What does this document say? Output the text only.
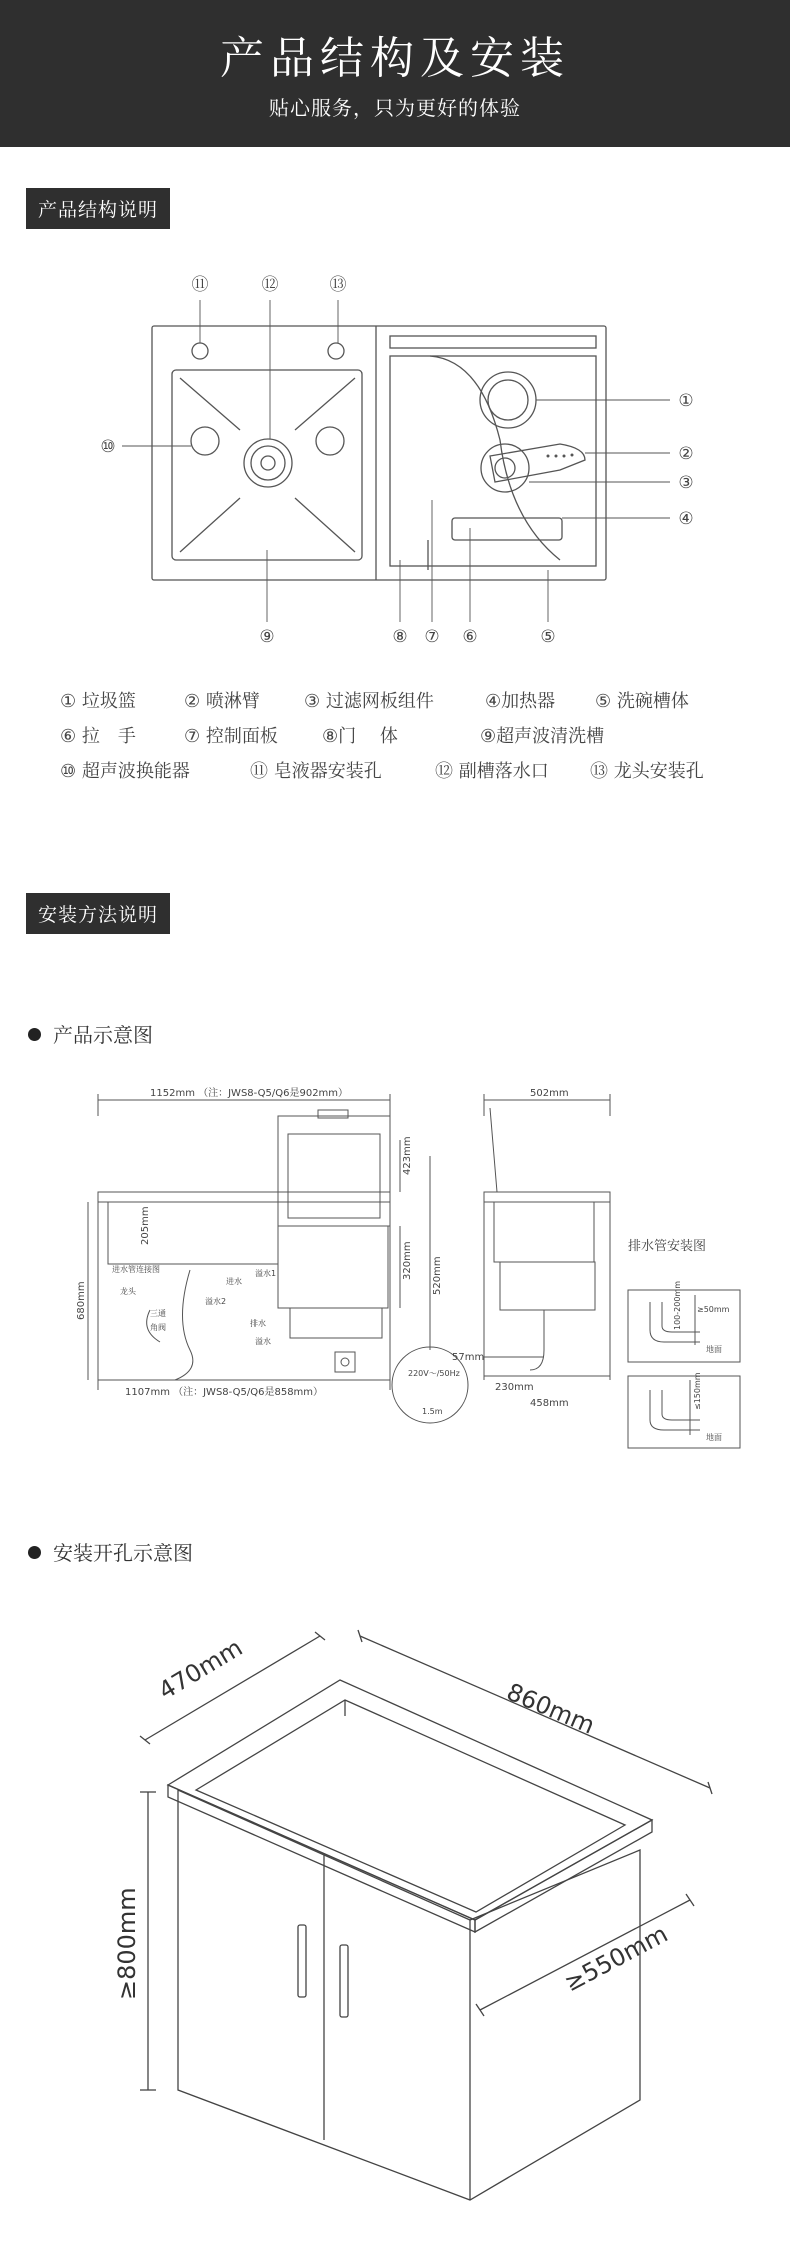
产品结构及安装
贴心服务，只为更好的体验
产品结构说明
⑪	⑫	⑬
⑩
①
②
③
④
⑨	⑧ ⑦ ⑥	⑤
① 垃圾篮	② 喷淋臂 ③ 过滤网板组件	④加热器 ⑤ 洗碗槽体
⑥ 拉　手	⑦ 控制面板 ⑧门　 体	⑨超声波清洗槽
⑩ 超声波换能器	⑪ 皂液器安装孔	⑫ 副槽落水口 ⑬ 龙头安装孔
安装方法说明
产品示意图
1152mm （注：JWS8-Q5/Q6是902mm）	502mm
423mm
205mm
320mm 520mm
680mm
57mm
230mm
458mm
1107mm （注：JWS8-Q5/Q6是858mm）
220V～/50Hz
1.5m
进水管连接图	溢水1
进水
溢水2
排水
溢水
龙头
三通
角阀
排水管安装图
≥50mm
100-200mm
地面
≤150mm
地面
安装开孔示意图
470mm
860mm
≥800mm	≥550mm
